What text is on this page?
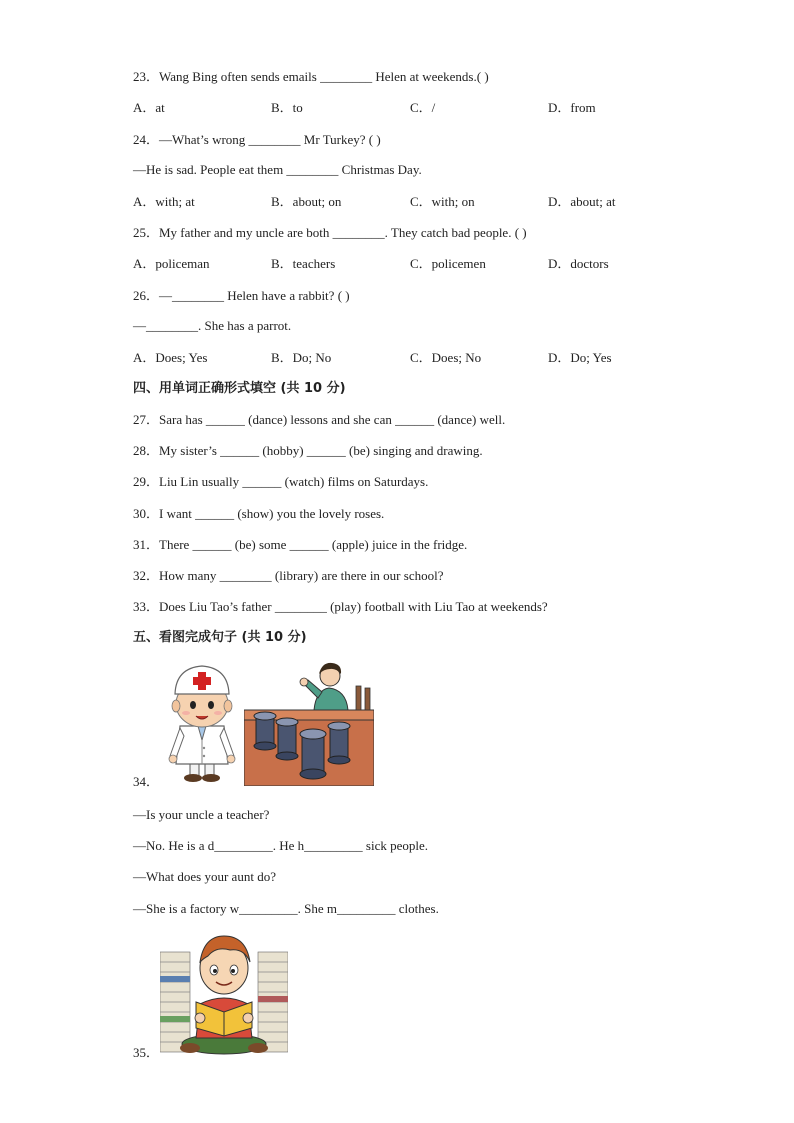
23．Wang Bing often sends emails ________ Helen at weekends.( )
A．at	B．to	C．/	D．from
24．—What’s wrong ________ Mr Turkey? ( )
—He is sad. People eat them ________ Christmas Day.
A．with; at	B．about; on	C．with; on	D．about; at
25．My father and my uncle are both ________. They catch bad people. ( )
A．policeman	B．teachers	C．policemen	D．doctors
26．—________ Helen have a rabbit? ( )
—________. She has a parrot.
A．Does; Yes	B．Do; No	C．Does; No	D．Do; Yes
四、用单词正确形式填空 (共 10 分)
27．Sara has ______ (dance) lessons and she can ______ (dance) well.
28．My sister’s ______ (hobby) ______ (be) singing and drawing.
29．Liu Lin usually ______ (watch) films on Saturdays.
30．I want ______ (show) you the lovely roses.
31．There ______ (be) some ______ (apple) juice in the fridge.
32．How many ________ (library) are there in our school?
33．Does Liu Tao’s father ________ (play) football with Liu Tao at weekends?
五、看图完成句子 (共 10 分)
34．
—Is your uncle a teacher?
—No. He is a d_________. He h_________ sick people.
—What does your aunt do?
—She is a factory w_________. She m_________ clothes.
35．
